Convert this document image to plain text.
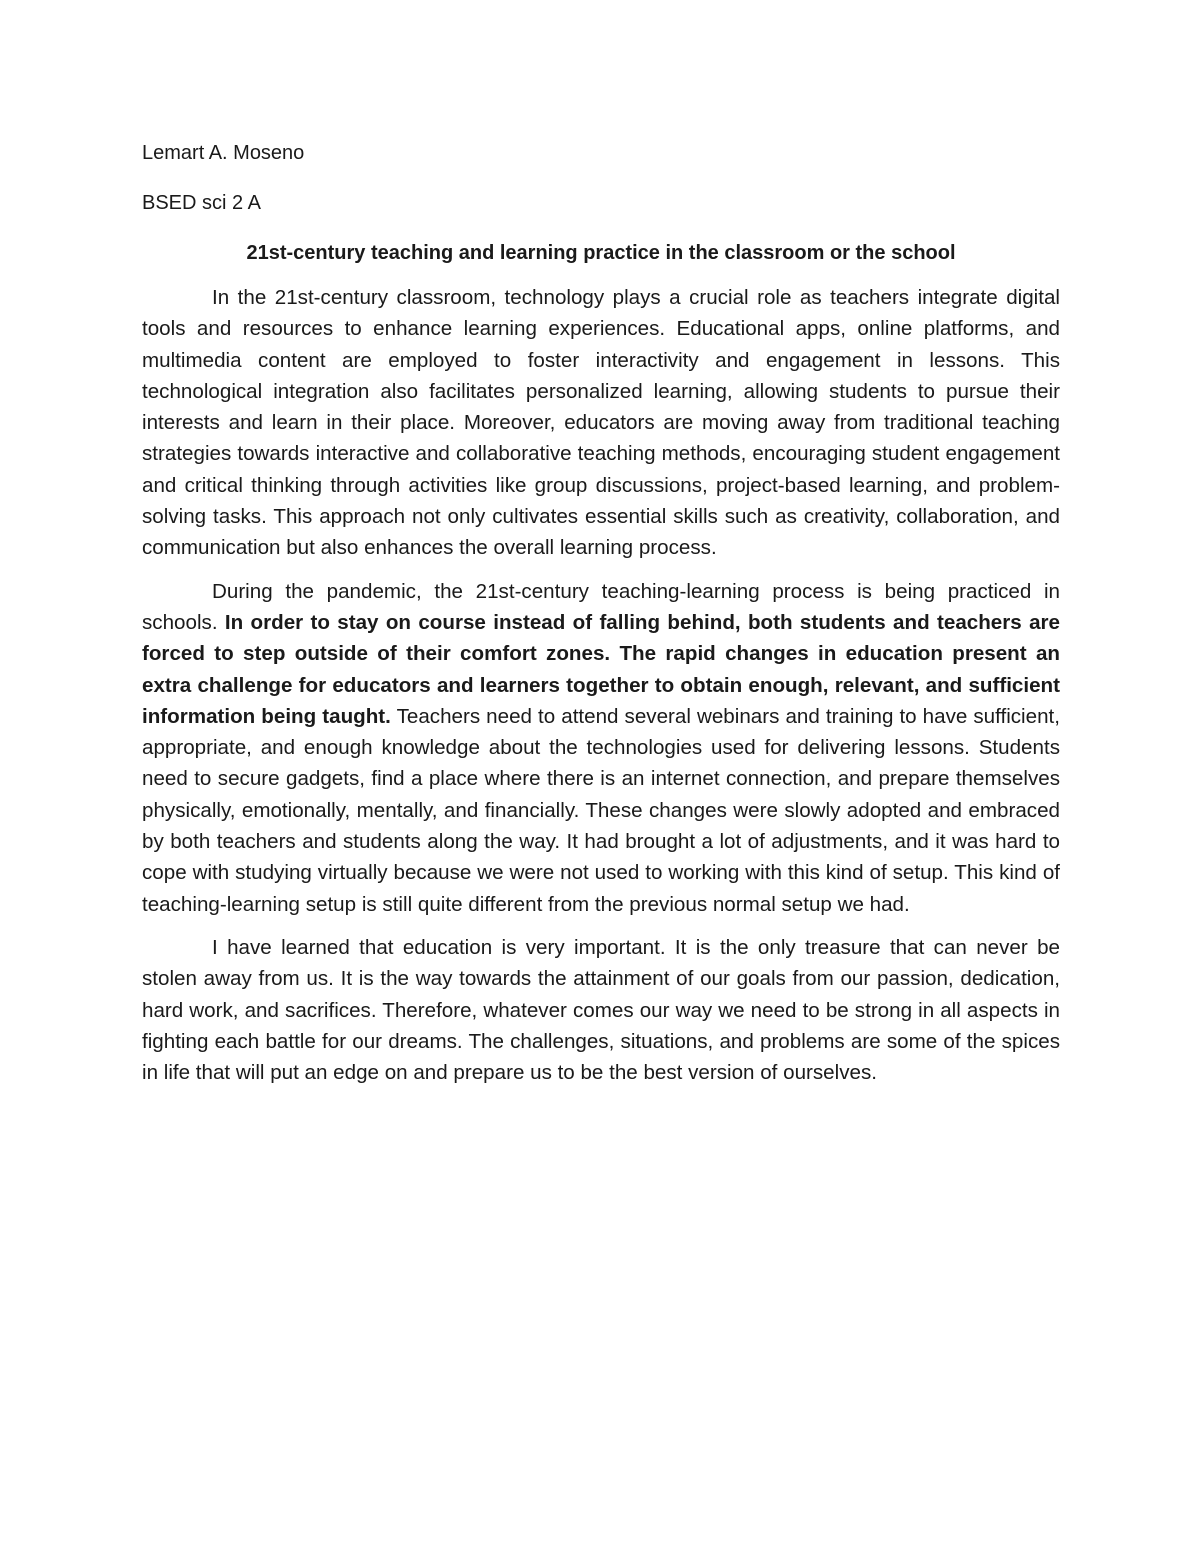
Lemart A. Moseno

BSED sci 2 A

21st-century teaching and learning practice in the classroom or the school

In the 21st-century classroom, technology plays a crucial role as teachers integrate digital tools and resources to enhance learning experiences. Educational apps, online platforms, and multimedia content are employed to foster interactivity and engagement in lessons. This technological integration also facilitates personalized learning, allowing students to pursue their interests and learn in their place. Moreover, educators are moving away from traditional teaching strategies towards interactive and collaborative teaching methods, encouraging student engagement and critical thinking through activities like group discussions, project-based learning, and problem-solving tasks. This approach not only cultivates essential skills such as creativity, collaboration, and communication but also enhances the overall learning process.

During the pandemic, the 21st-century teaching-learning process is being practiced in schools. In order to stay on course instead of falling behind, both students and teachers are forced to step outside of their comfort zones. The rapid changes in education present an extra challenge for educators and learners together to obtain enough, relevant, and sufficient information being taught. Teachers need to attend several webinars and training to have sufficient, appropriate, and enough knowledge about the technologies used for delivering lessons. Students need to secure gadgets, find a place where there is an internet connection, and prepare themselves physically, emotionally, mentally, and financially. These changes were slowly adopted and embraced by both teachers and students along the way. It had brought a lot of adjustments, and it was hard to cope with studying virtually because we were not used to working with this kind of setup. This kind of teaching-learning setup is still quite different from the previous normal setup we had.

I have learned that education is very important. It is the only treasure that can never be stolen away from us. It is the way towards the attainment of our goals from our passion, dedication, hard work, and sacrifices. Therefore, whatever comes our way we need to be strong in all aspects in fighting each battle for our dreams. The challenges, situations, and problems are some of the spices in life that will put an edge on and prepare us to be the best version of ourselves.
